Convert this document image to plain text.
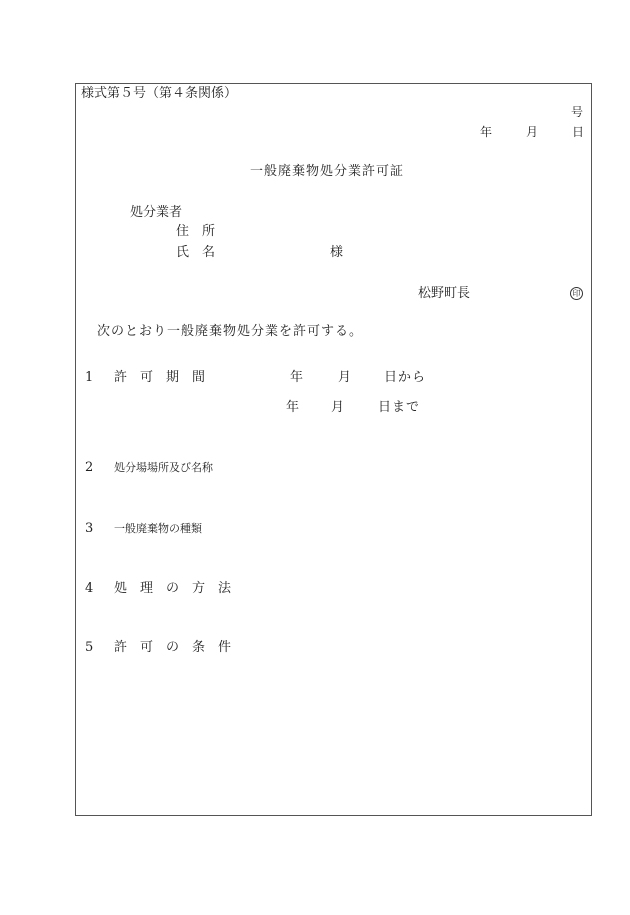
様式第５号（第４条関係）
号
年	月	日
一般廃棄物処分業許可証
処分業者
住　所
氏　名	様
松野町長	印
次のとおり一般廃棄物処分業を許可する。
1 許　可　期　間	年	月	日から
年 月	日まで
2 処分場場所及び名称
3 一般廃棄物の種類
4 処　理　の　方　法
5 許　可　の　条　件
